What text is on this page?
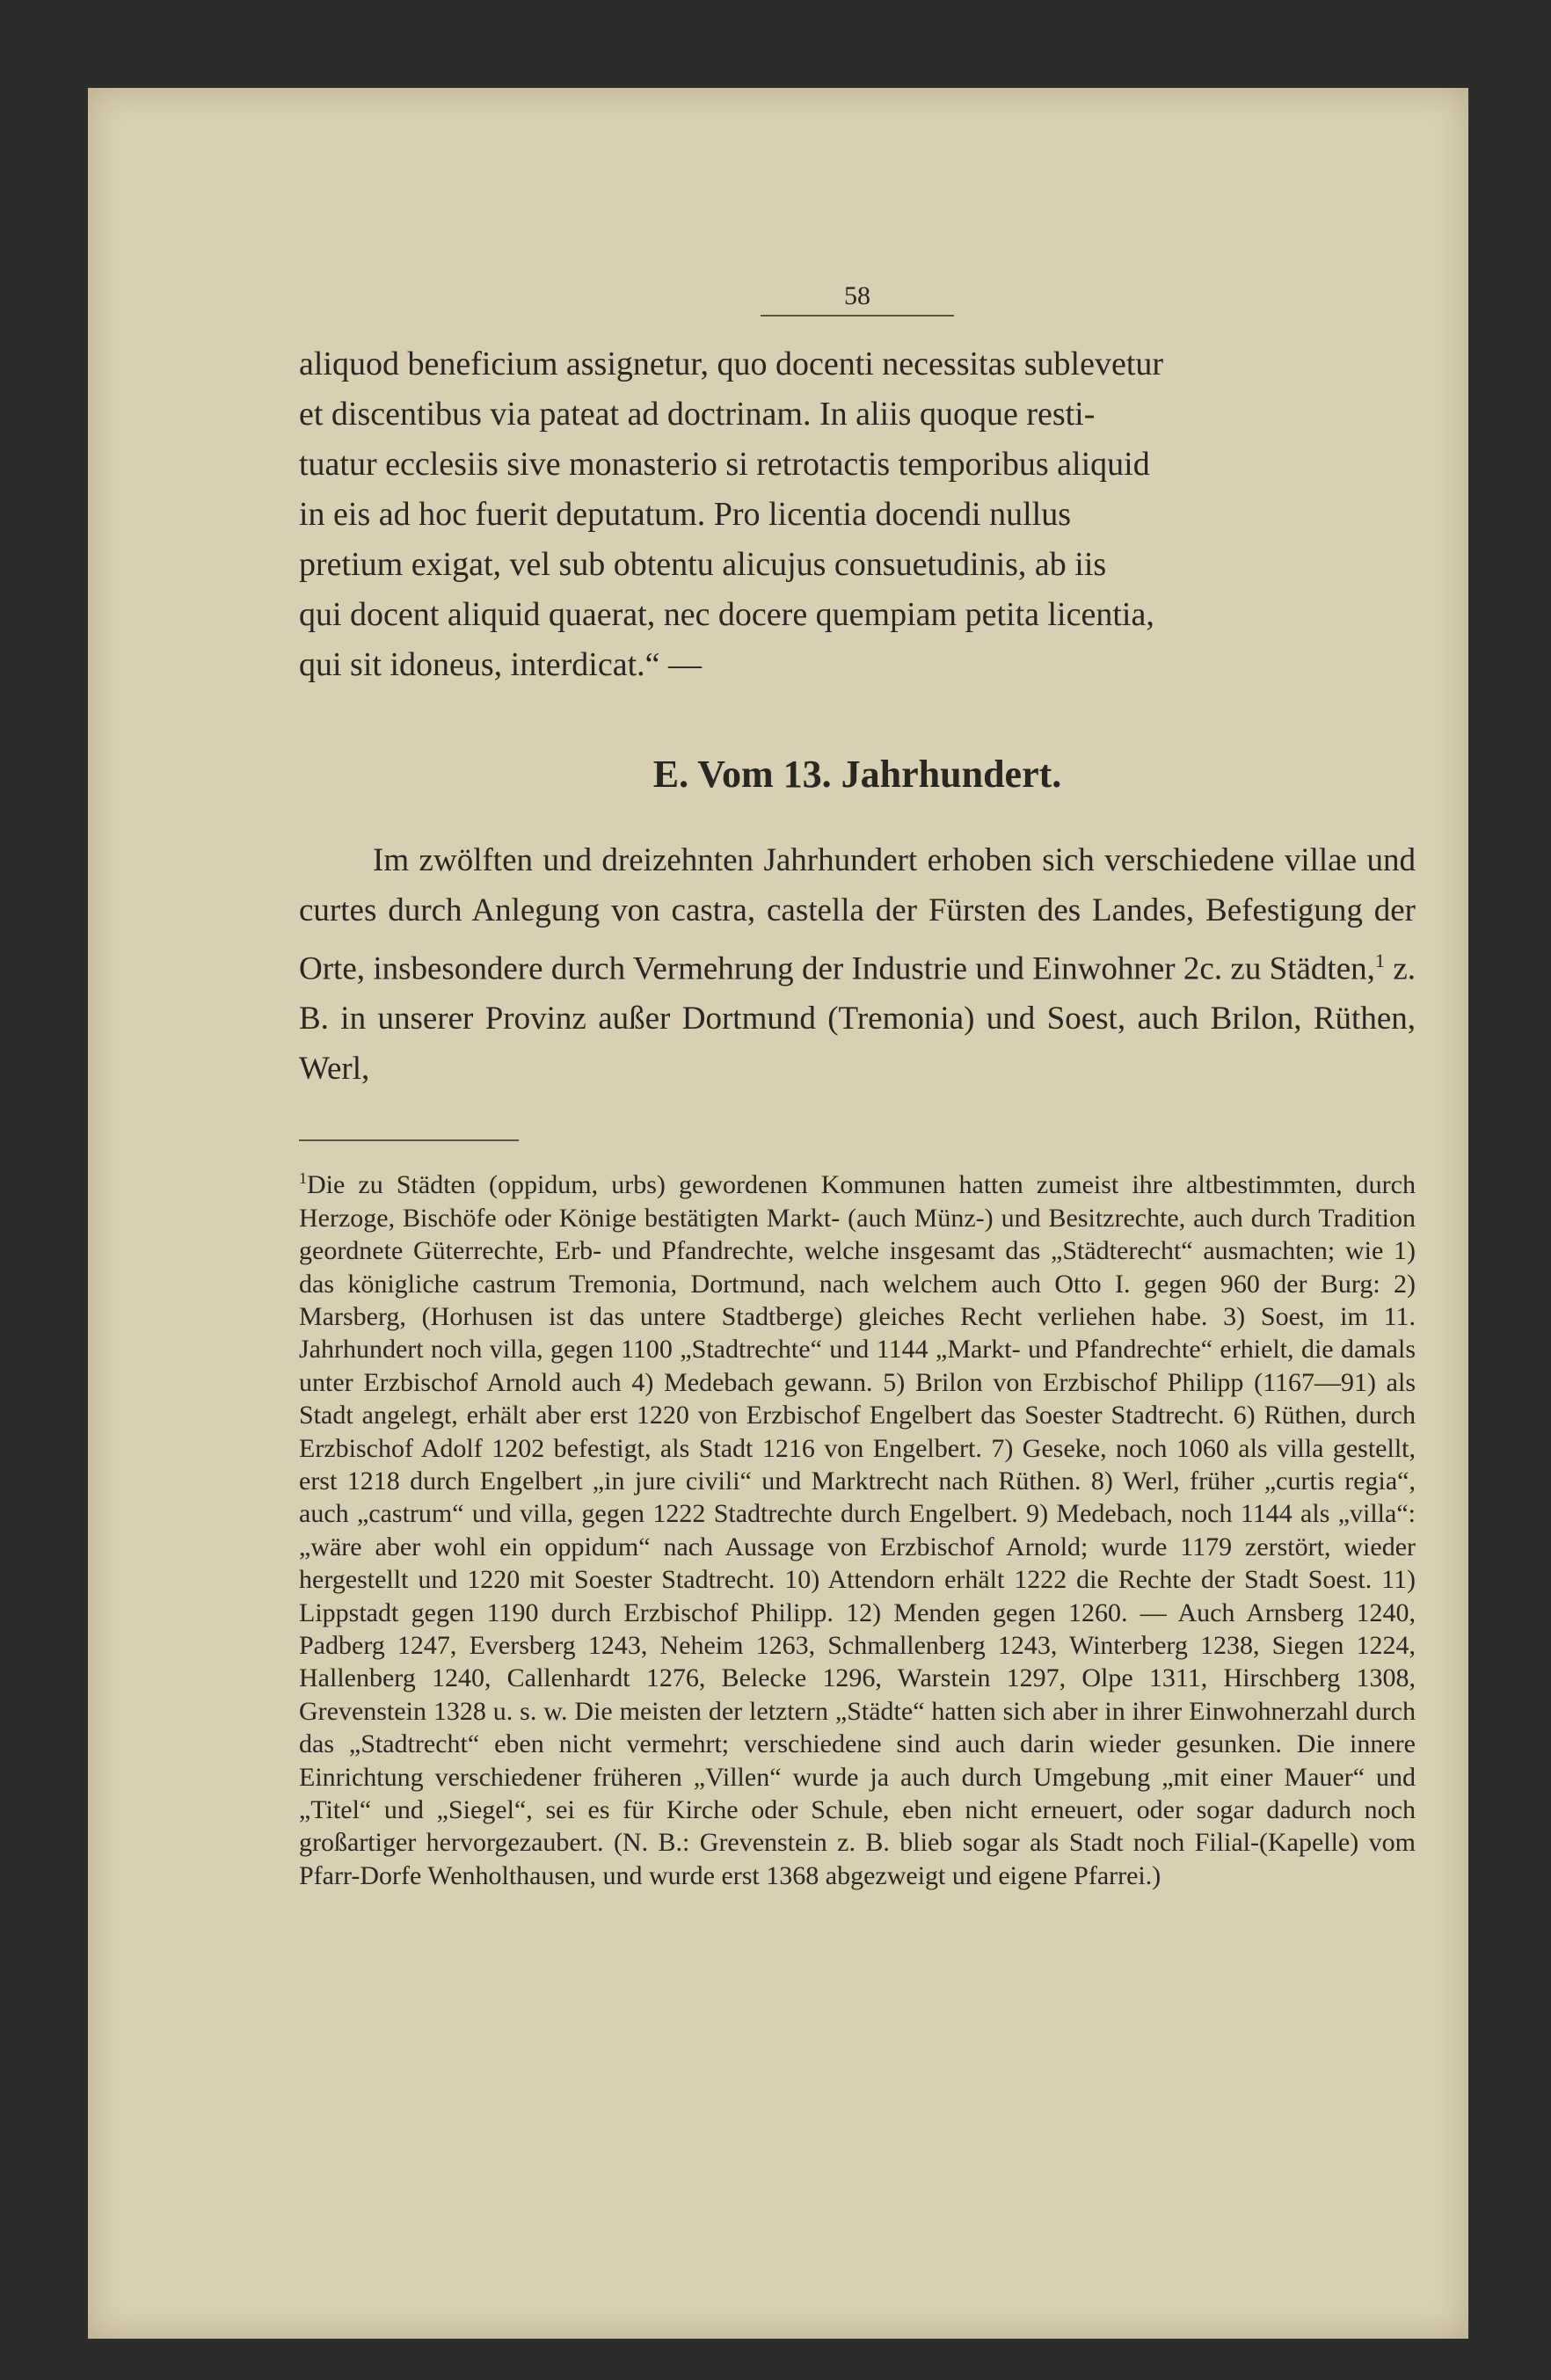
58

aliquod beneficium assignetur, quo docenti necessitas sublevetur

et discentibus via pateat ad doctrinam. In aliis quoque resti-

tuatur ecclesiis sive monasterio si retrotactis temporibus aliquid

in eis ad hoc fuerit deputatum. Pro licentia docendi nullus

pretium exigat, vel sub obtentu alicujus consuetudinis, ab iis

qui docent aliquid quaerat, nec docere quempiam petita licentia,

qui sit idoneus, interdicat.“ —

E. Vom 13. Jahrhundert.

Im zwölften und dreizehnten Jahrhundert erhoben sich verschiedene villae und curtes durch Anlegung von castra, castella der Fürsten des Landes, Befestigung der Orte, insbesondere durch Vermehrung der Industrie und Einwohner 2c. zu Städten,$^1$ z. B. in unserer Provinz außer Dortmund (Tremonia) und Soest, auch Brilon, Rüthen, Werl,

$^1$Die zu Städten (oppidum, urbs) gewordenen Kommunen hatten zumeist ihre altbestimmten, durch Herzoge, Bischöfe oder Könige bestätigten Markt- (auch Münz-) und Besitzrechte, auch durch Tradition geordnete Güterrechte, Erb- und Pfandrechte, welche insgesamt das „Städterecht“ ausmachten; wie 1) das königliche castrum Tremonia, Dortmund, nach welchem auch Otto I. gegen 960 der Burg: 2) Marsberg, (Horhusen ist das untere Stadtberge) gleiches Recht verliehen habe. 3) Soest, im 11. Jahrhundert noch villa, gegen 1100 „Stadtrechte“ und 1144 „Markt- und Pfandrechte“ erhielt, die damals unter Erzbischof Arnold auch 4) Medebach gewann. 5) Brilon von Erzbischof Philipp (1167—91) als Stadt angelegt, erhält aber erst 1220 von Erzbischof Engelbert das Soester Stadtrecht. 6) Rüthen, durch Erzbischof Adolf 1202 befestigt, als Stadt 1216 von Engelbert. 7) Geseke, noch 1060 als villa gestellt, erst 1218 durch Engelbert „in jure civili“ und Marktrecht nach Rüthen. 8) Werl, früher „curtis regia“, auch „castrum“ und villa, gegen 1222 Stadtrechte durch Engelbert. 9) Medebach, noch 1144 als „villa“: „wäre aber wohl ein oppidum“ nach Aussage von Erzbischof Arnold; wurde 1179 zerstört, wieder hergestellt und 1220 mit Soester Stadtrecht. 10) Attendorn erhält 1222 die Rechte der Stadt Soest. 11) Lippstadt gegen 1190 durch Erzbischof Philipp. 12) Menden gegen 1260. — Auch Arnsberg 1240, Padberg 1247, Eversberg 1243, Neheim 1263, Schmallenberg 1243, Winterberg 1238, Siegen 1224, Hallenberg 1240, Callenhardt 1276, Belecke 1296, Warstein 1297, Olpe 1311, Hirschberg 1308, Grevenstein 1328 u. s. w. Die meisten der letztern „Städte“ hatten sich aber in ihrer Einwohnerzahl durch das „Stadtrecht“ eben nicht vermehrt; verschiedene sind auch darin wieder gesunken. Die innere Einrichtung verschiedener früheren „Villen“ wurde ja auch durch Umgebung „mit einer Mauer“ und „Titel“ und „Siegel“, sei es für Kirche oder Schule, eben nicht erneuert, oder sogar dadurch noch großartiger hervorgezaubert. (N. B.: Grevenstein z. B. blieb sogar als Stadt noch Filial-(Kapelle) vom Pfarr-Dorfe Wenholthausen, und wurde erst 1368 abgezweigt und eigene Pfarrei.)
